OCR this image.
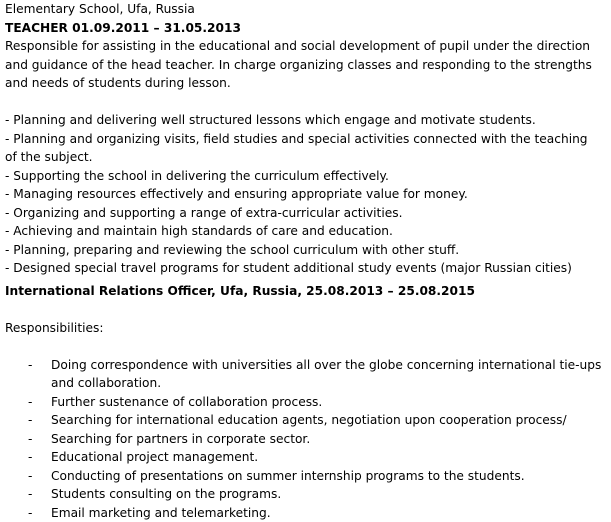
Elementary School, Ufa, Russia
TEACHER 01.09.2011 – 31.05.2013
Responsible for assisting in the educational and social development of pupil under the direction and guidance of the head teacher. In charge organizing classes and responding to the strengths and needs of students during lesson.
- Planning and delivering well structured lessons which engage and motivate students.
- Planning and organizing visits, field studies and special activities connected with the teaching
of the subject.
- Supporting the school in delivering the curriculum effectively.
- Managing resources effectively and ensuring appropriate value for money.
- Organizing and supporting a range of extra-curricular activities.
- Achieving and maintain high standards of care and education.
- Planning, preparing and reviewing the school curriculum with other stuff.
- Designed special travel programs for student additional study events (major Russian cities)
International Relations Officer, Ufa, Russia, 25.08.2013 – 25.08.2015
Responsibilities:
- Doing correspondence with universities all over the globe concerning international tie-ups and collaboration.
- Further sustenance of collaboration process.
- Searching for international education agents, negotiation upon cooperation process/
- Searching for partners in corporate sector.
- Educational project management.
- Conducting of presentations on summer internship programs to the students.
- Students consulting on the programs.
- Email marketing and telemarketing.
